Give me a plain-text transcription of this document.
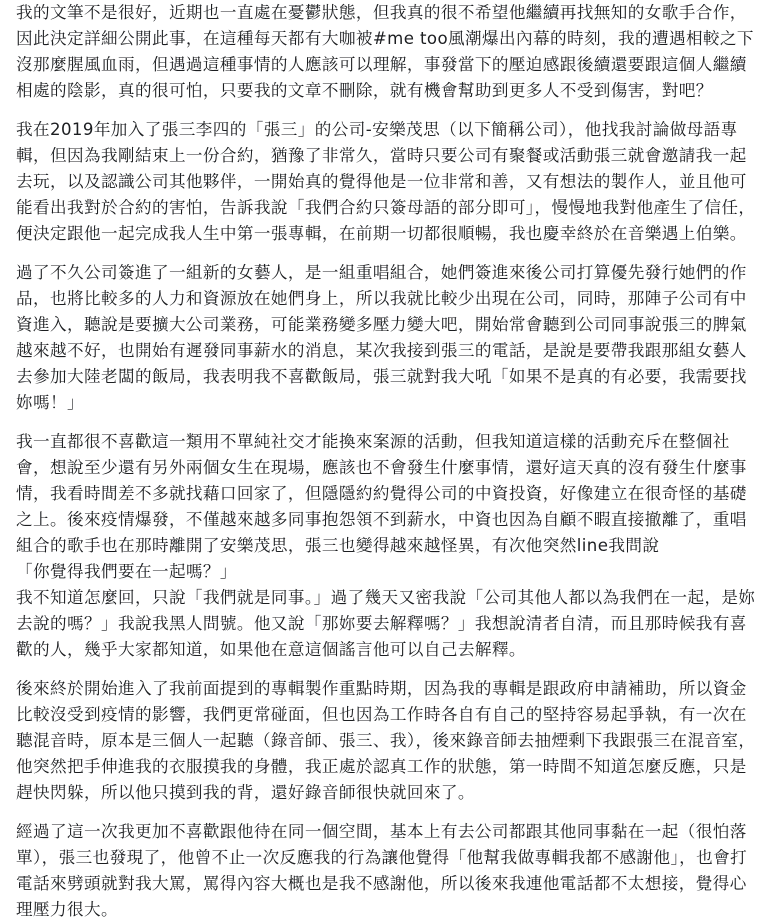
我的文筆不是很好，近期也一直處在憂鬱狀態，但我真的很不希望他繼續再找無知的女歌手合作，因此決定詳細公開此事，在這種每天都有大咖被#me too風潮爆出內幕的時刻，我的遭遇相較之下沒那麼腥風血雨，但遇過這種事情的人應該可以理解，事發當下的壓迫感跟後續還要跟這個人繼續相處的陰影，真的很可怕，只要我的文章不刪除，就有機會幫助到更多人不受到傷害，對吧？

我在2019年加入了張三李四的「張三」的公司-安樂茂思（以下簡稱公司），他找我討論做母語專輯，但因為我剛結束上一份合約，猶豫了非常久，當時只要公司有聚餐或活動張三就會邀請我一起去玩，以及認識公司其他夥伴，一開始真的覺得他是一位非常和善，又有想法的製作人，並且他可能看出我對於合約的害怕，告訴我說「我們合約只簽母語的部分即可」，慢慢地我對他產生了信任，便決定跟他一起完成我人生中第一張專輯，在前期一切都很順暢，我也慶幸終於在音樂遇上伯樂。

過了不久公司簽進了一組新的女藝人，是一組重唱組合，她們簽進來後公司打算優先發行她們的作品，也將比較多的人力和資源放在她們身上，所以我就比較少出現在公司，同時，那陣子公司有中資進入，聽說是要擴大公司業務，可能業務變多壓力變大吧，開始常會聽到公司同事說張三的脾氣越來越不好，也開始有遲發同事薪水的消息，某次我接到張三的電話，是說是要帶我跟那組女藝人去參加大陸老闆的飯局，我表明我不喜歡飯局，張三就對我大吼「如果不是真的有必要，我需要找妳嗎！」

我一直都很不喜歡這一類用不單純社交才能換來案源的活動，但我知道這樣的活動充斥在整個社會，想說至少還有另外兩個女生在現場，應該也不會發生什麼事情，還好這天真的沒有發生什麼事情，我看時間差不多就找藉口回家了，但隱隱約約覺得公司的中資投資，好像建立在很奇怪的基礎之上。後來疫情爆發，不僅越來越多同事抱怨領不到薪水，中資也因為自顧不暇直接撤離了，重唱組合的歌手也在那時離開了安樂茂思，張三也變得越來越怪異，有次他突然line我問說
「你覺得我們要在一起嗎？」
我不知道怎麼回，只說「我們就是同事。」過了幾天又密我說「公司其他人都以為我們在一起，是妳去說的嗎？」我說我黑人問號。他又說「那妳要去解釋嗎？」我想說清者自清，而且那時候我有喜歡的人，幾乎大家都知道，如果他在意這個謠言他可以自己去解釋。

後來終於開始進入了我前面提到的專輯製作重點時期，因為我的專輯是跟政府申請補助，所以資金比較沒受到疫情的影響，我們更常碰面，但也因為工作時各自有自己的堅持容易起爭執，有一次在聽混音時，原本是三個人一起聽（錄音師、張三、我），後來錄音師去抽煙剩下我跟張三在混音室，他突然把手伸進我的衣服摸我的身體，我正處於認真工作的狀態，第一時間不知道怎麼反應，只是趕快閃躲，所以他只摸到我的背，還好錄音師很快就回來了。

經過了這一次我更加不喜歡跟他待在同一個空間，基本上有去公司都跟其他同事黏在一起（很怕落單），張三也發現了，他曾不止一次反應我的行為讓他覺得「他幫我做專輯我都不感謝他」，也會打電話來劈頭就對我大罵，罵得內容大概也是我不感謝他，所以後來我連他電話都不太想接，覺得心理壓力很大。
